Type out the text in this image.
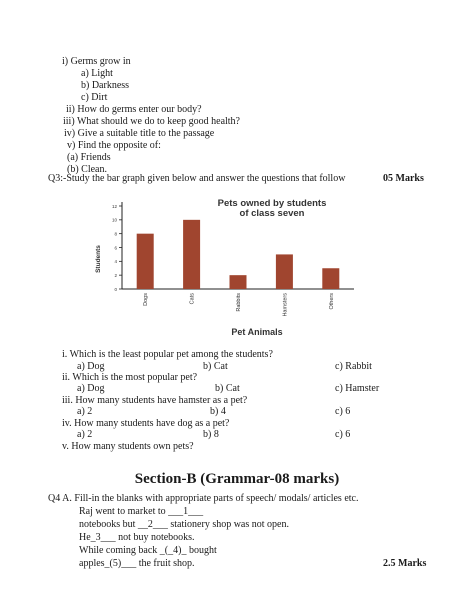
i) Germs grow in
a) Light
b) Darkness
c) Dirt
ii) How do germs enter our body?
iii) What should we do to keep good health?
iv) Give a suitable title to the passage
v) Find the opposite of:
(a) Friends
(b) Clean.
Q3:-Study the bar graph given below and answer the questions that follow	05 Marks
Pets owned by students
of class seven
Students
Pet Animals
0
2
4
6
8
10
12
Dogs	Cats	Rabbits	Hamsters	Others
i. Which is the least popular pet among the students?
a) Dog	b) Cat	c) Rabbit
ii. Which is the most popular pet?
a) Dog	b) Cat	c) Hamster
iii. How many students have hamster as a pet?
a) 2	b) 4	c) 6
iv. How many students have dog as a pet?
a) 2	b) 8	c) 6
v. How many students own pets?
Section-B (Grammar-08 marks)
Q4 A. Fill-in the blanks with appropriate parts of speech/ modals/ articles etc.
Raj went to market to ___1___
notebooks but __2___ stationery shop was not open.
He_3___ not buy notebooks.
While coming back _(_4)_ bought
apples_(5)___ the fruit shop.	2.5 Marks
